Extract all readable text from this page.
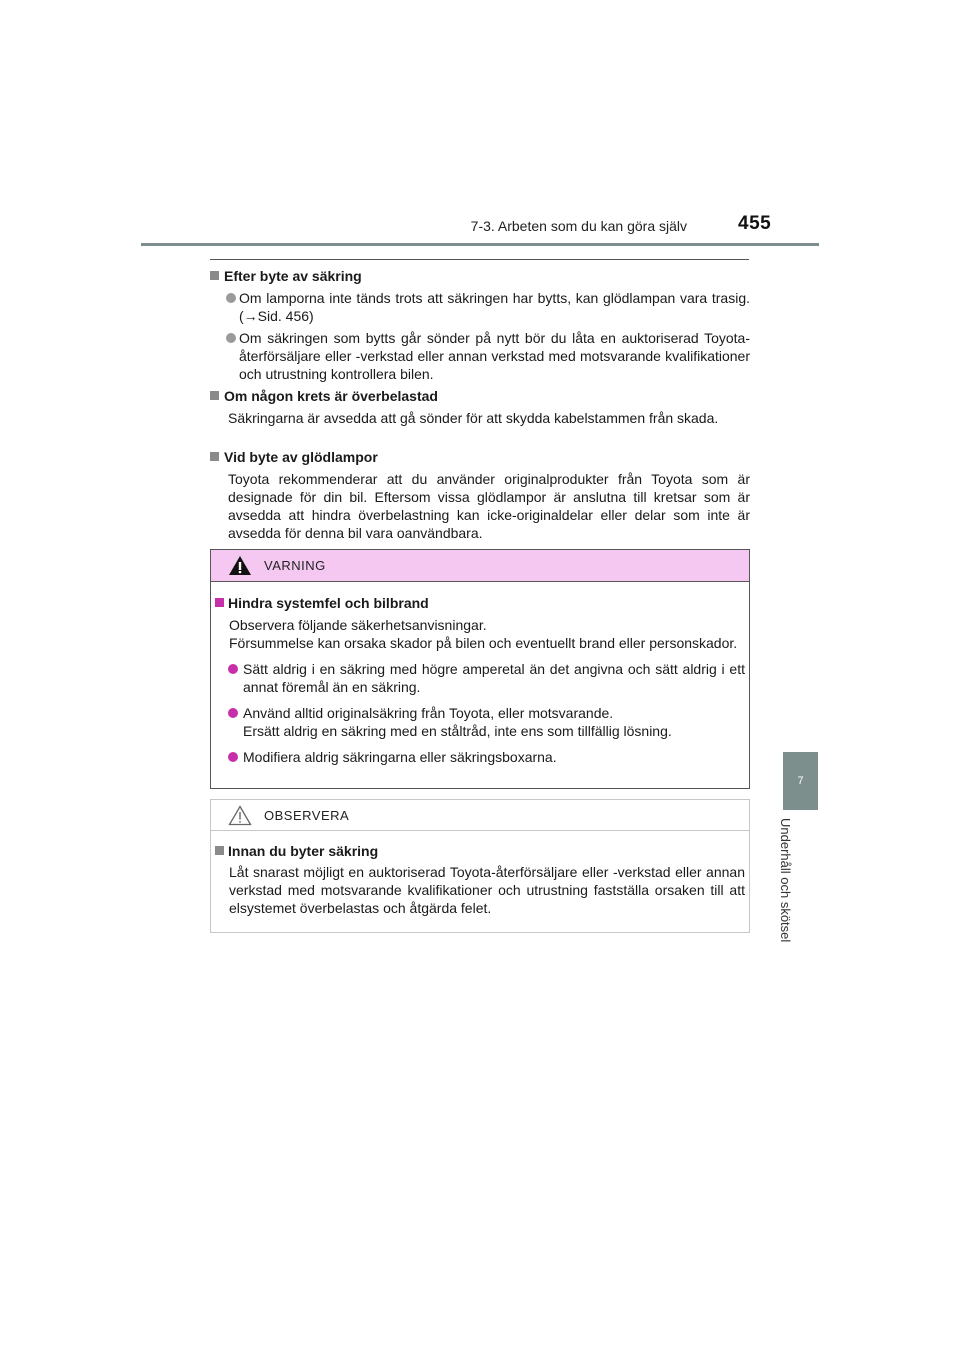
7-3. Arbeten som du kan göra själv	455
7
Underhåll och skötsel
Efter byte av säkring
Om lamporna inte tänds trots att säkringen har bytts, kan glödlampan vara trasig. (→Sid. 456)
Om säkringen som bytts går sönder på nytt bör du låta en auktoriserad Toyota-återförsäljare eller -verkstad eller annan verkstad med motsvarande kvalifikationer och utrustning kontrollera bilen.
Om någon krets är överbelastad
Säkringarna är avsedda att gå sönder för att skydda kabelstammen från skada.
Vid byte av glödlampor
Toyota rekommenderar att du använder originalprodukter från Toyota som är designade för din bil. Eftersom vissa glödlampor är anslutna till kretsar som är avsedda att hindra överbelastning kan icke-originaldelar eller delar som inte är avsedda för denna bil vara oanvändbara.
VARNING
Hindra systemfel och bilbrand
Observera följande säkerhetsanvisningar.
Försummelse kan orsaka skador på bilen och eventuellt brand eller personskador.
Sätt aldrig i en säkring med högre amperetal än det angivna och sätt aldrig i ett annat föremål än en säkring.
Använd alltid originalsäkring från Toyota, eller motsvarande.
Ersätt aldrig en säkring med en ståltråd, inte ens som tillfällig lösning.
Modifiera aldrig säkringarna eller säkringsboxarna.
OBSERVERA
Innan du byter säkring
Låt snarast möjligt en auktoriserad Toyota-återförsäljare eller -verkstad eller annan verkstad med motsvarande kvalifikationer och utrustning fastställa orsaken till att elsystemet överbelastas och åtgärda felet.
